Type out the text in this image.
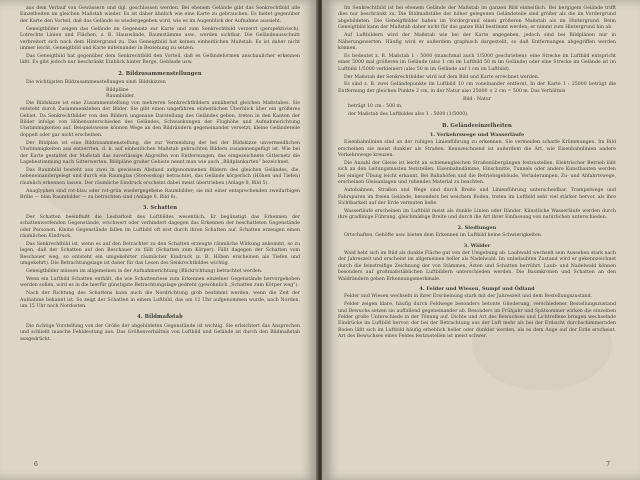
aus dem Verlauf von Gewässern und dgl. geschlossen werden. Bei ebenem Gelände gibt das Senkrechtbild alle Einzelheiten im gleichen Maßstab wieder. Es ist daher ähnlich wie eine Karte zu gebrauchen. Es bietet gegenüber der Karte den Vorteil, daß das Gelände so wiedergegeben wird, wie es im Augenblick der Aufnahme aussieht.

Geneigtbilder zeigen das Gelände im Gegensatz zur Karte und zum Senkrechtbild verzerrt (perspektivisch). Lotrechte Linien und Flächen, z. B. Hauswände, Baumstämme usw., werden sichtbar. Die Geländeausschnitt verbreitert sich nach dem Hintergrund zu. Das Geneigtbild hat keinen einheitlichen Maßstab. Es ist daher nicht immer leicht, Geneigtbild und Karte miteinander in Beziehung zu setzen.

Das Geneigtbild hat gegenüber dem Senkrechtbild den Vorteil, daß es Geländeformen anschaulicher erkennen läßt. Es gibt jedoch nur beschränkt Einblick hinter Berge, Gebäude usw.

2. Bildzusammenstellungen

Die wichtigsten Bildzusammenstellungen sind: Bildskizzen

Bildpläne

Raumbilder.

Die Bildskizze ist eine Zusammenstellung von mehreren Senkrechtbildern annähernd gleichen Maßstabes. Sie entsteht durch Zusammenkleben der Bilder. Sie gibt einen ungefähren einheitlichen Überblick über ein größeres Gebiet. Da Senkrechtbilder von den Bildern ungenaue Darstellung des Geländes geben, treten in den Kanten der Bilder infolge von Höhenunterschieden des Geländes, Schwankungen der Flughöhe und Aufnahmerichtung Unstimmigkeiten auf. Beispielsweise können Wege an den Bildrändern gegeneinander versetzt, kleine Geländeteile doppelt oder gar nicht erscheinen.

Der Bildplan ist eine Bildzusammenstellung, die zur Vermeidung der bei der Bildskizze unvermeidlichen Unstimmigkeiten aus entzerrten, d. h. auf einheitlichen Maßstab gebrachten Bildern zusammengefügt ist. Wie bei der Karte gestattet der Maßstab das zuverlässige Abgreifen von Entfernungen, das eingezeichnete Gitternetz die Lagebestimmung nach Gitterwerten. Bildpläne großer Gebiete nennt man wie auch „Bildplankarten“ bezeichnet.

Das Raumbild besteht aus zwei in gewissem Abstand aufgenommenen Bildern des gleichen Geländes, die, nebeneinandergelegt und durch ein Raumglas (Stereoskop) betrachtet, das Gelände körperlich (Höhen und Tiefen) räumlich erkennen lassen. Der räumliche Eindruck erscheint dabei meist übertrieben (Anlage 8, Bild 5).

Anaglyphen sind rot-blau oder rot-grün wiedergegebene Raumbilder; sie mit einer entsprechenden zweifarbigen Brille — blau Raumbilder — zu betrachten sind (Anlage 8, Bild 6).

3. Schatten

Der Schatten beeinflußt die Lesbarkeit des Luftbildes wesentlich. Er begünstigt das Erkennen der schattenwerfenden Gegenstände, erschwert oder verhindert dagegen das Erkennen der beschatteten Gegenstände oder Personen. Kleine Gegenstände fallen im Luftbild oft erst durch ihren Schatten auf. Schatten erzeugen einen räumlichen Eindruck.

Das Senkrechtbild ist, wenn es auf den Betrachter zu den Schatten erzeugte räumliche Wirkung ankommt, so zu legen, daß der Schatten auf den Beschauer zu fällt (Schatten zum Körper). Fällt dagegen der Schatten vom Beschauer weg, so entsteht ein umgekehrter räumlicher Eindruck (z. B. Höhen erscheinen als Tiefen und umgekehrt). Die Betrachtungslage ist daher für das Lesen des Senkrechtbildes wichtig.

Geneigtbilder müssen im allgemeinen in der Aufnahmerichtung (Blickrichtung) betrachtet werden.

Wenn ein Luftbild Schatten enthält, die wie Schattenriese zum Erkennen einzelner Gegenstände hervorgehoben werden sollen, wird es in die hierfür günstigste Betrachtungslage gedreht (gewöhnlich „Schatten zum Körper weg“).

Nach der Richtung des Schattens kann auch die Nordrichtung grob bestimmt werden, wenn die Zeit der Aufnahme bekannt ist. So zeigt der Schatten in einem Luftbild, das um 12 Uhr aufgenommen wurde, nach Norden, um 15 Uhr nach Nordosten.

4. Bildmaßstab

Die richtige Vorstellung von der Größe der abgebildeten Gegenstände ist wichtig. Sie erleichtert das Ansprechen und schließt manche Fehldeutung aus. Das Größenverhältnis von Luftbild und Gelände ist durch den Bildmaßstab ausgedrückt.

6

Im Senkrechtbild ist bei ebenem Gelände der Maßstab im ganzen Bild einheitlich. Bei bergigem Gelände trifft dies nur beschränkt zu. Die Bildmaßstäbe der höher gelegenen Geländeteile sind größer als die im Vordergrund abgebildeten. Die Geneigtbilder haben im Vordergrund einen größeren Maßstab als im Hintergrund. Beim Geneigtbild kann der Maßstab daher nicht für das ganze Bild bestimmt werden; er nimmt zum Hintergrund hin ab.

Auf Luftbildern wird der Maßstab wie bei der Karte angegeben, jedoch sind bei Bildplänen nur in Näherungswerten. Häufig wird er außerdem graphisch dargestellt, so daß Entfernungen abgegriffen werden können.

Es bedeutet z. B. Maßstab 1 : 5000 (manchmal auch 1/5000 geschrieben): eine Strecke im Luftbild entspricht einer 5000 mal größeren im Gelände (also 1 cm im Luftbild 50 m im Gelände) oder eine Strecke im Gelände ist im Luftbild 1/5000 verkleinert (also 50 m im Gelände auf 1 cm im Luftbild).

Der Maßstab der Senkrechtbilder wird auf dem Bild und Karte errechnet werden.

Es sind z. B. zwei Geländepunkte im Luftbild 10 cm voneinander entfernt. In der Karte 1 : 25000 beträgt die Entfernung der gleichen Punkte 2 cm, in der Natur also 25000 × 2 cm = 500 m. Das Verhältnis

Bild : Natur

beträgt 10 cm : 500 m,

der Maßstab des Luftbildes also 1 : 5000 (1/5000).

B. Geländeeinzelheiten
1. Verkehrswege und Wasserläufe

Eisenbahnlinien sind an der ruhigen Linienführung zu erkennen. Sie vermeiden scharfe Krümmungen. Im Bild erscheinen sie meist dunkler als Straßen. Kennzeichnend ist außerdem die Art, wie Eisenbahnlinien andere Verkehrswege kreuzen.

Die Anzahl der Gleise ist leicht an schienengleichen Straßenübergängen festzustellen. Elektrischer Betrieb läßt sich an den Leitungsmasten feststellen. Eisenbahndämme, Einschnitte, Tunnels oder andere Kunstbauten werden bei einiger Übung leicht erkannt. Bei Bahnhöfen und die Betriebsgebäude, Verladerampen, Zu- und Abfahrtswege, erscheinen Gleisanlagen und ruhendes Material zu beachten.

Autobahnen, Straßen und Wege sind durch Breite und Linienführung unterscheidbar. Trampelwege und Fahrspuren im freien Gelände, besonders bei weichem Boden, treten im Luftbild sehr viel stärker hervor, als ihre Sichtbarkeit auf der Erde vermuten ließe.

Wasserläufe erscheinen im Luftbild meist als dunkle Linien oder Bänder. Künstliche Wasserläufe werden durch ihre gradlinige Führung, gleichmäßige Breite und durch die Art ihrer Einfassung von natürlichen unterschieden.

2. Siedlungen

Ortschaften, Gehöfte usw. bieten dem Erkennen im Luftbild keine Schwierigkeiten.

3. Wälder

Wald hebt sich im Bild als dunkle Fläche gut von der Umgebung ab. Laubwald wechselt sein Aussehen stark nach der Jahreszeit und erscheint im allgemeinen heller als Nadelwald. Im unbelaubten Zustand wird er gekennzeichnet durch die feinstreifige Zeichnung der von Stämmen, Ästen und Schatten herrührt. Laub- und Nadelwald können besonders auf großmaßstäblichen Luftbildern unterschieden werden. Die Baumkronen und Schatten an den Waldrändern geben Erkennungsmerkmale.

4. Felder und Wiesen, Sumpf und Ödland

Felder und Wiesen wechseln in ihrer Erscheinung stark mit der Jahreszeit und dem Bestellungszustand.

Felder zeigen klare, häufig durch Feldwege besonders betonte Gliederung, verschiedener Bestellungszustand und Bewuchs setzen sie auffallend gegeneinander ab. Besonders im Frühjahr und Spätsommer wirken die einzelnen Felder große Unterschiede in der Tönung auf. Dichte und Art des Bewuchses und Lichtreflexe bringen wechselnde Eindrücke im Luftbild hervor, der bei der Betrachtung aus der Luft mehr als bei der Erdsicht durchschimmernden Boden läßt sich im Luftbild häufig erheblich heller oder dunkler werden, als es dem Auge auf der Erde erscheint. Art des Bewuchses eines Feldes festzustellen ist meist schwer.

7
